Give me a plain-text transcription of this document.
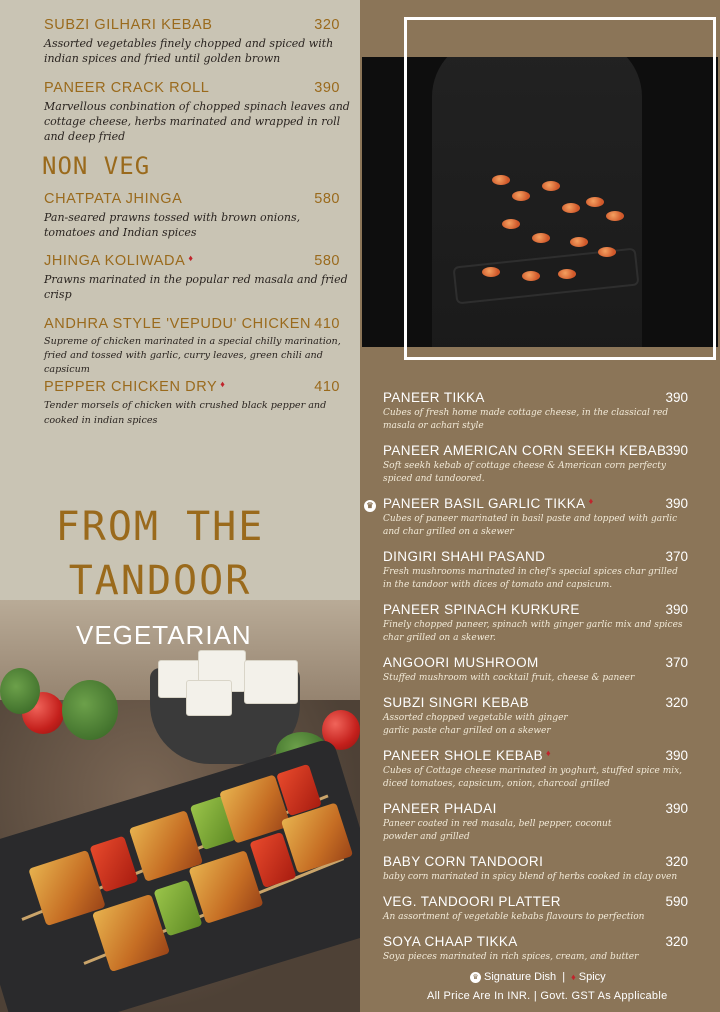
SUBZI GILHARI KEBAB	320
Assorted vegetables finely chopped and spiced with indian spices and fried until golden brown
PANEER CRACK ROLL	390
Marvellous conbination of chopped spinach leaves and cottage cheese, herbs marinated and wrapped in roll and deep fried
NON VEG
CHATPATA JHINGA	580
Pan-seared prawns tossed with brown onions, tomatoes and Indian spices
JHINGA KOLIWADA ♦	580
Prawns marinated in the popular red masala and fried crisp
ANDHRA STYLE 'VEPUDU' CHICKEN 410
Supreme of chicken marinated in a special chilly marination, fried and tossed with garlic, curry leaves, green chili and capsicum
PEPPER CHICKEN DRY ♦	410
Tender morsels of chicken with crushed black pepper and cooked in indian spices
FROM THE
TANDOOR
VEGETARIAN
PANEER TIKKA	390
Cubes of fresh home made cottage cheese, in the classical red masala or achari style
PANEER AMERICAN CORN SEEKH KEBAB 390
Soft seekh kebab of cottage cheese & American corn perfecty spiced and tandoored.
♛ PANEER BASIL GARLIC TIKKA ♦	390
Cubes of paneer marinated in basil paste and topped with garlic and char grilled on a skewer
DINGIRI SHAHI PASAND	370
Fresh mushrooms marinated in chef's special spices char grilled in the tandoor with dices of tomato and capsicum.
PANEER SPINACH KURKURE	390
Finely chopped paneer, spinach with ginger garlic mix and spices char grilled on a skewer.
ANGOORI MUSHROOM	370
Stuffed mushroom with cocktail fruit, cheese & paneer
SUBZI SINGRI KEBAB	320
Assorted chopped vegetable with ginger garlic paste char grilled on a skewer
PANEER SHOLE KEBAB ♦	390
Cubes of Cottage cheese marinated in yoghurt, stuffed spice mix, diced tomatoes, capsicum, onion, charcoal grilled
PANEER PHADAI	390
Paneer coated in red masala, bell pepper, coconut powder and grilled
BABY CORN TANDOORI	320
baby corn marinated in spicy blend of herbs cooked in clay oven
VEG. TANDOORI PLATTER	590
An assortment of vegetable kebabs flavours to perfection
SOYA CHAAP TIKKA	320
Soya pieces marinated in rich spices, cream, and butter
♛ Signature Dish | ♦ Spicy
All Price Are In INR. | Govt. GST As Applicable
